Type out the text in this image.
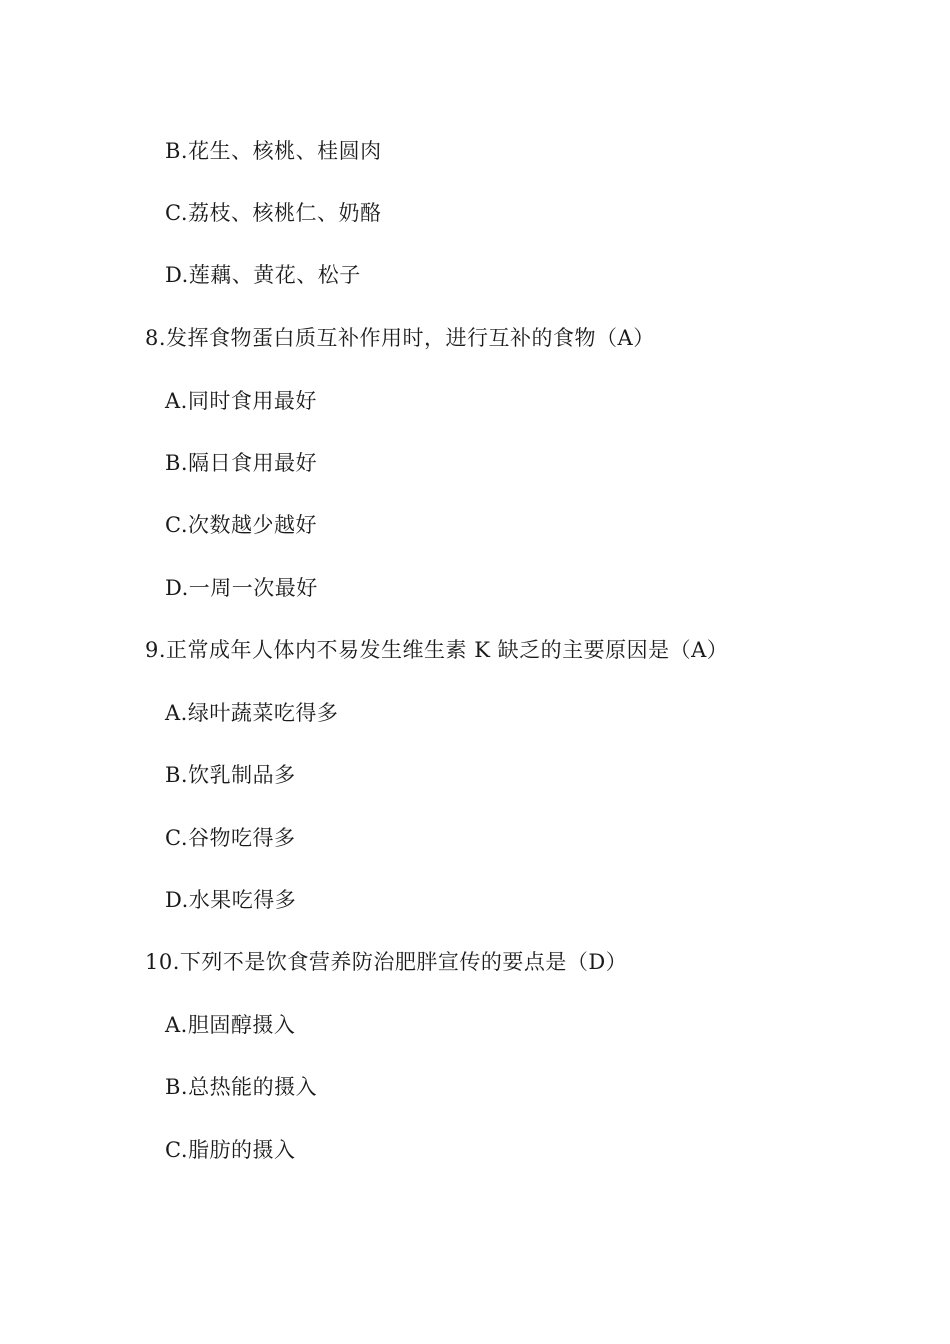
B.花生、核桃、桂圆肉
C.荔枝、核桃仁、奶酪
D.莲藕、黄花、松子
8.发挥食物蛋白质互补作用时，进行互补的食物（A）
A.同时食用最好
B.隔日食用最好
C.次数越少越好
D.一周一次最好
9.正常成年人体内不易发生维生素 K 缺乏的主要原因是（A）
A.绿叶蔬菜吃得多
B.饮乳制品多
C.谷物吃得多
D.水果吃得多
10.下列不是饮食营养防治肥胖宣传的要点是（D）
A.胆固醇摄入
B.总热能的摄入
C.脂肪的摄入
